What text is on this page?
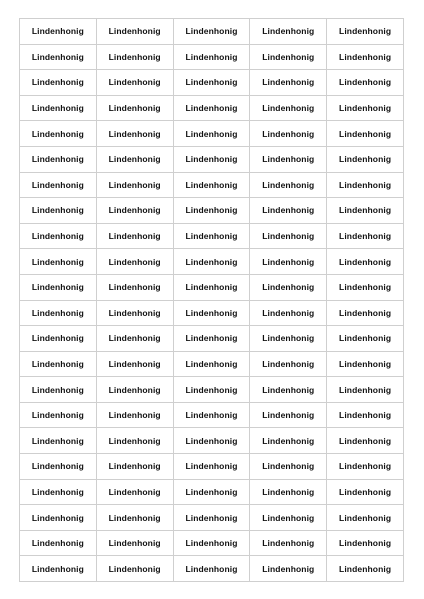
Lindenhonig	Lindenhonig	Lindenhonig	Lindenhonig	Lindenhonig
Lindenhonig	Lindenhonig	Lindenhonig	Lindenhonig	Lindenhonig
Lindenhonig	Lindenhonig	Lindenhonig	Lindenhonig	Lindenhonig
Lindenhonig	Lindenhonig	Lindenhonig	Lindenhonig	Lindenhonig
Lindenhonig	Lindenhonig	Lindenhonig	Lindenhonig	Lindenhonig
Lindenhonig	Lindenhonig	Lindenhonig	Lindenhonig	Lindenhonig
Lindenhonig	Lindenhonig	Lindenhonig	Lindenhonig	Lindenhonig
Lindenhonig	Lindenhonig	Lindenhonig	Lindenhonig	Lindenhonig
Lindenhonig	Lindenhonig	Lindenhonig	Lindenhonig	Lindenhonig
Lindenhonig	Lindenhonig	Lindenhonig	Lindenhonig	Lindenhonig
Lindenhonig	Lindenhonig	Lindenhonig	Lindenhonig	Lindenhonig
Lindenhonig	Lindenhonig	Lindenhonig	Lindenhonig	Lindenhonig
Lindenhonig	Lindenhonig	Lindenhonig	Lindenhonig	Lindenhonig
Lindenhonig	Lindenhonig	Lindenhonig	Lindenhonig	Lindenhonig
Lindenhonig	Lindenhonig	Lindenhonig	Lindenhonig	Lindenhonig
Lindenhonig	Lindenhonig	Lindenhonig	Lindenhonig	Lindenhonig
Lindenhonig	Lindenhonig	Lindenhonig	Lindenhonig	Lindenhonig
Lindenhonig	Lindenhonig	Lindenhonig	Lindenhonig	Lindenhonig
Lindenhonig	Lindenhonig	Lindenhonig	Lindenhonig	Lindenhonig
Lindenhonig	Lindenhonig	Lindenhonig	Lindenhonig	Lindenhonig
Lindenhonig	Lindenhonig	Lindenhonig	Lindenhonig	Lindenhonig
Lindenhonig	Lindenhonig	Lindenhonig	Lindenhonig	Lindenhonig
